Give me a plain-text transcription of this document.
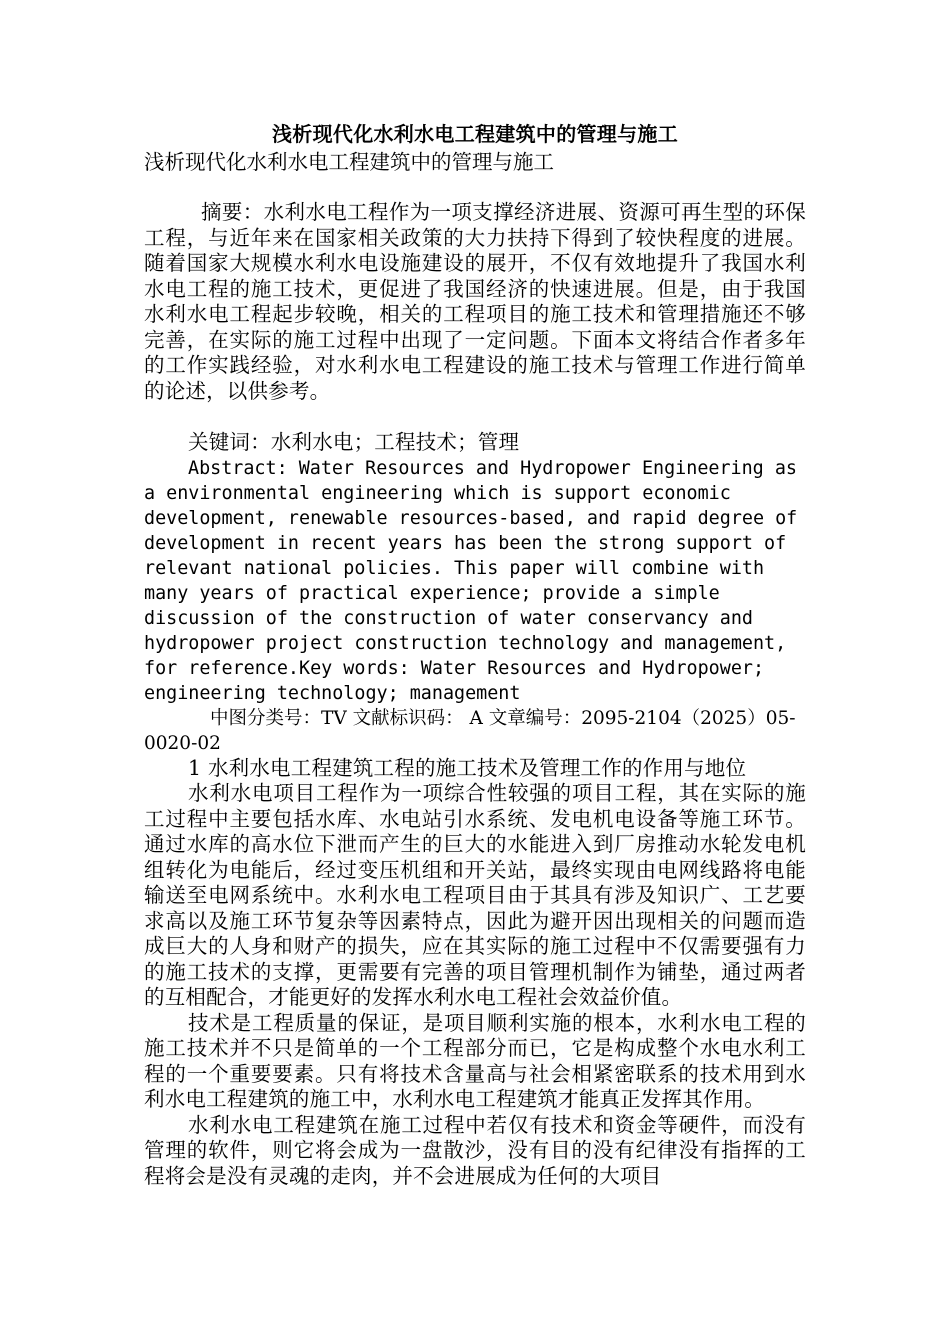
浅析现代化水利水电工程建筑中的管理与施工

浅析现代化水利水电工程建筑中的管理与施工

摘要：水利水电工程作为一项支撑经济进展、资源可再生型的环保工程，与近年来在国家相关政策的大力扶持下得到了较快程度的进展。随着国家大规模水利水电设施建设的展开，不仅有效地提升了我国水利水电工程的施工技术，更促进了我国经济的快速进展。但是，由于我国水利水电工程起步较晚，相关的工程项目的施工技术和管理措施还不够完善，在实际的施工过程中出现了一定问题。下面本文将结合作者多年的工作实践经验，对水利水电工程建设的施工技术与管理工作进行简单的论述，以供参考。

关键词：水利水电；工程技术；管理

Abstract: Water Resources and Hydropower Engineering as a environmental engineering which is support economic development, renewable resources-based, and rapid degree of development in recent years has been the strong support of relevant national policies. This paper will combine with many years of practical experience; provide a simple discussion of the construction of water conservancy and hydropower project construction technology and management, for reference.Key words: Water Resources and Hydropower; engineering technology; management

中图分类号：TV 文献标识码： A 文章编号：2095-2104（2025）05-0020-02

1 水利水电工程建筑工程的施工技术及管理工作的作用与地位

水利水电项目工程作为一项综合性较强的项目工程，其在实际的施工过程中主要包括水库、水电站引水系统、发电机电设备等施工环节。通过水库的高水位下泄而产生的巨大的水能进入到厂房推动水轮发电机组转化为电能后，经过变压机组和开关站，最终实现由电网线路将电能输送至电网系统中。水利水电工程项目由于其具有涉及知识广、工艺要求高以及施工环节复杂等因素特点，因此为避开因出现相关的问题而造成巨大的人身和财产的损失，应在其实际的施工过程中不仅需要强有力的施工技术的支撑，更需要有完善的项目管理机制作为铺垫，通过两者的互相配合，才能更好的发挥水利水电工程社会效益价值。

技术是工程质量的保证，是项目顺利实施的根本，水利水电工程的施工技术并不只是简单的一个工程部分而已，它是构成整个水电水利工程的一个重要要素。只有将技术含量高与社会相紧密联系的技术用到水利水电工程建筑的施工中，水利水电工程建筑才能真正发挥其作用。

水利水电工程建筑在施工过程中若仅有技术和资金等硬件，而没有管理的软件，则它将会成为一盘散沙，没有目的没有纪律没有指挥的工程将会是没有灵魂的走肉，并不会进展成为任何的大项目
